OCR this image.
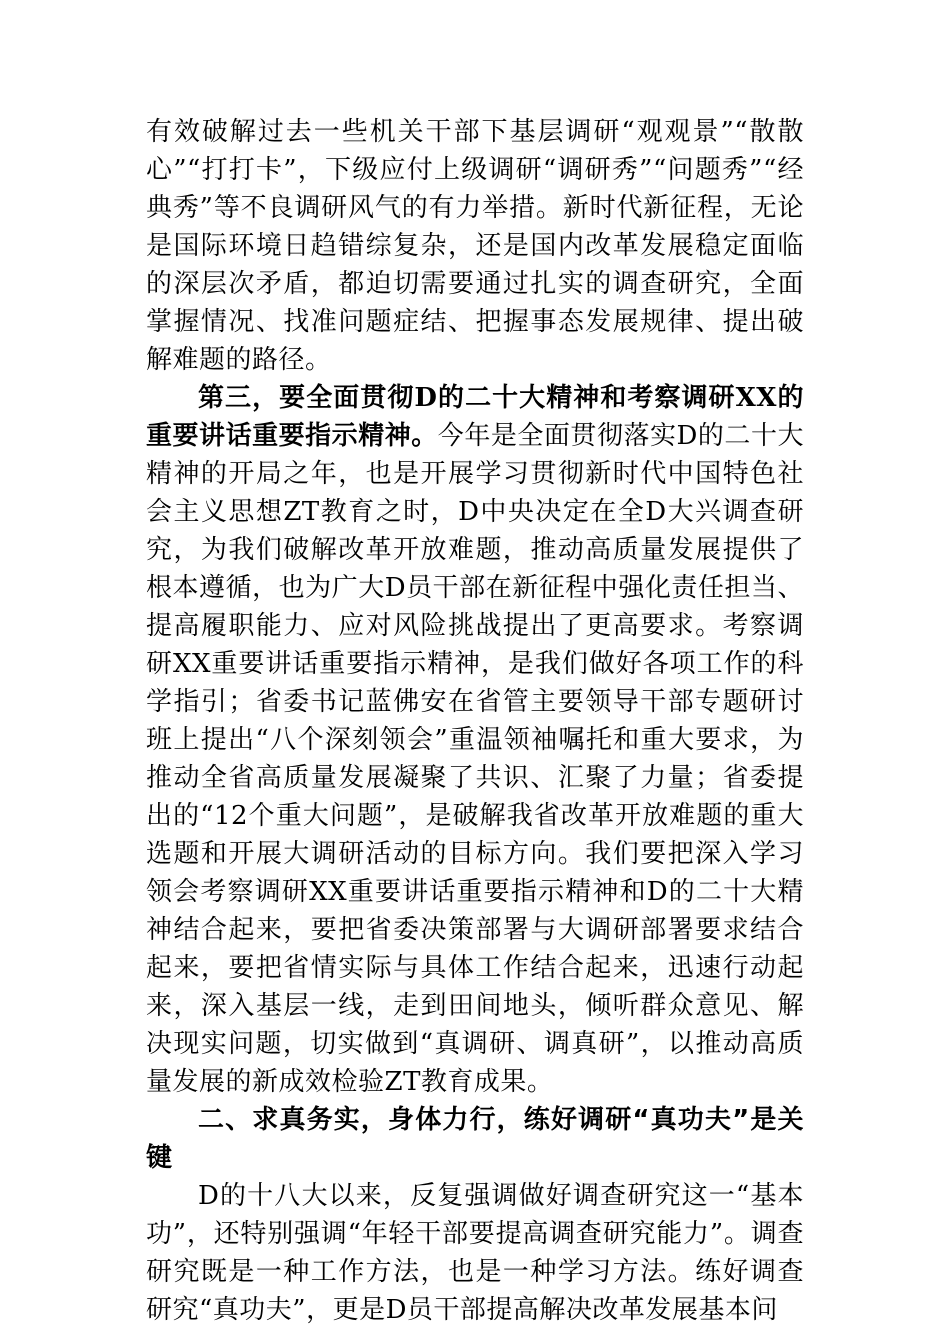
有效破解过去一些机关干部下基层调研“观观景”“散散心”“打打卡”，下级应付上级调研“调研秀”“问题秀”“经典秀”等不良调研风气的有力举措。新时代新征程，无论是国际环境日趋错综复杂，还是国内改革发展稳定面临的深层次矛盾，都迫切需要通过扎实的调查研究，全面掌握情况、找准问题症结、把握事态发展规律、提出破解难题的路径。

第三，要全面贯彻D的二十大精神和考察调研XX的重要讲话重要指示精神。今年是全面贯彻落实D的二十大精神的开局之年，也是开展学习贯彻新时代中国特色社会主义思想ZT教育之时，D中央决定在全D大兴调查研究，为我们破解改革开放难题，推动高质量发展提供了根本遵循，也为广大D员干部在新征程中强化责任担当、提高履职能力、应对风险挑战提出了更高要求。考察调研XX重要讲话重要指示精神，是我们做好各项工作的科学指引；省委书记蓝佛安在省管主要领导干部专题研讨班上提出“八个深刻领会”重温领袖嘱托和重大要求，为推动全省高质量发展凝聚了共识、汇聚了力量；省委提出的“12个重大问题”，是破解我省改革开放难题的重大选题和开展大调研活动的目标方向。我们要把深入学习领会考察调研XX重要讲话重要指示精神和D的二十大精神结合起来，要把省委决策部署与大调研部署要求结合起来，要把省情实际与具体工作结合起来，迅速行动起来，深入基层一线，走到田间地头，倾听群众意见、解决现实问题，切实做到“真调研、调真研”，以推动高质量发展的新成效检验ZT教育成果。

二、求真务实，身体力行，练好调研“真功夫”是关键

D的十八大以来，反复强调做好调查研究这一“基本功”，还特别强调“年轻干部要提高调查研究能力”。调查研究既是一种工作方法，也是一种学习方法。练好调查研究“真功夫”，更是D员干部提高解决改革发展基本问
